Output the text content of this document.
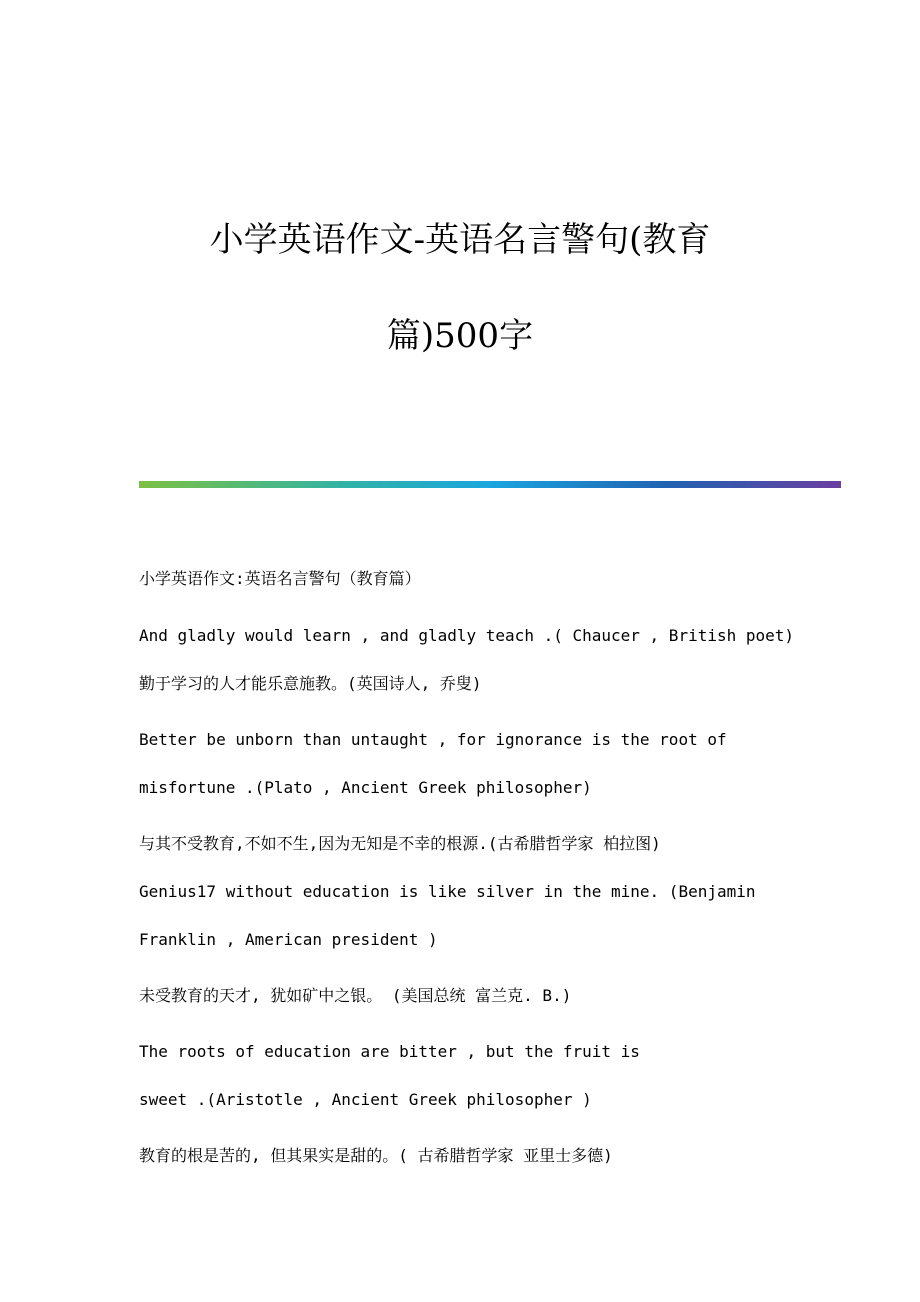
小学英语作文-英语名言警句(教育
篇)500字

小学英语作文:英语名言警句（教育篇）

And gladly would learn , and gladly teach .( Chaucer , British poet)

勤于学习的人才能乐意施教。(英国诗人, 乔叟)

Better be unborn than untaught , for ignorance is the root of

misfortune .(Plato , Ancient Greek philosopher)

与其不受教育,不如不生,因为无知是不幸的根源.(古希腊哲学家 柏拉图)

Genius17 without education is like silver in the mine. (Benjamin

Franklin , American president )

未受教育的天才, 犹如矿中之银。 (美国总统 富兰克. B.)

The roots of education are bitter , but the fruit is

sweet .(Aristotle , Ancient Greek philosopher )

教育的根是苦的, 但其果实是甜的。( 古希腊哲学家 亚里士多德)
